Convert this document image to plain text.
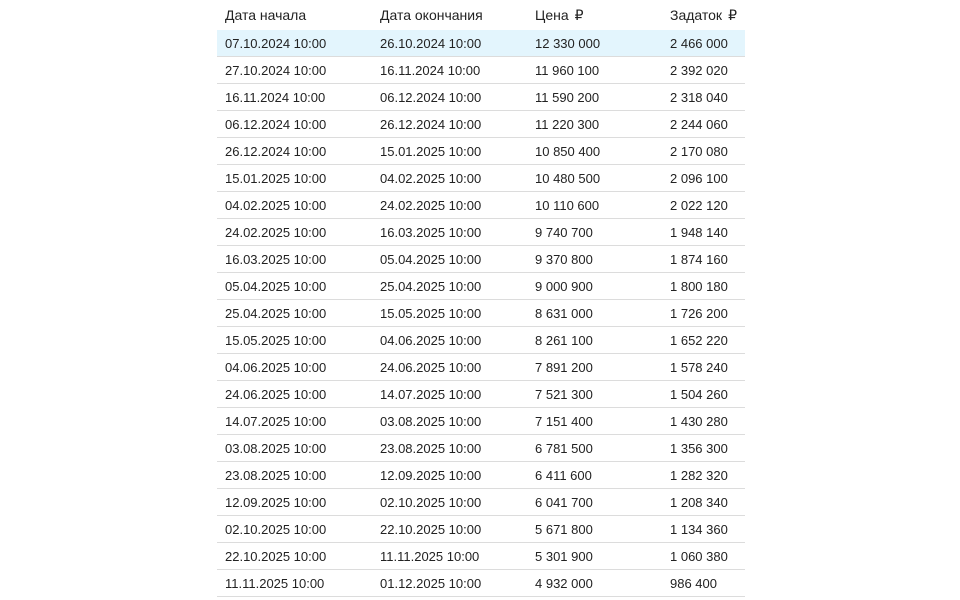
Дата начала	Дата окончания	Цена ₽	Задаток ₽
07.10.2024 10:00	26.10.2024 10:00	12 330 000	2 466 000
27.10.2024 10:00	16.11.2024 10:00	11 960 100	2 392 020
16.11.2024 10:00	06.12.2024 10:00	11 590 200	2 318 040
06.12.2024 10:00	26.12.2024 10:00	11 220 300	2 244 060
26.12.2024 10:00	15.01.2025 10:00	10 850 400	2 170 080
15.01.2025 10:00	04.02.2025 10:00	10 480 500	2 096 100
04.02.2025 10:00	24.02.2025 10:00	10 110 600	2 022 120
24.02.2025 10:00	16.03.2025 10:00	9 740 700	1 948 140
16.03.2025 10:00	05.04.2025 10:00	9 370 800	1 874 160
05.04.2025 10:00	25.04.2025 10:00	9 000 900	1 800 180
25.04.2025 10:00	15.05.2025 10:00	8 631 000	1 726 200
15.05.2025 10:00	04.06.2025 10:00	8 261 100	1 652 220
04.06.2025 10:00	24.06.2025 10:00	7 891 200	1 578 240
24.06.2025 10:00	14.07.2025 10:00	7 521 300	1 504 260
14.07.2025 10:00	03.08.2025 10:00	7 151 400	1 430 280
03.08.2025 10:00	23.08.2025 10:00	6 781 500	1 356 300
23.08.2025 10:00	12.09.2025 10:00	6 411 600	1 282 320
12.09.2025 10:00	02.10.2025 10:00	6 041 700	1 208 340
02.10.2025 10:00	22.10.2025 10:00	5 671 800	1 134 360
22.10.2025 10:00	11.11.2025 10:00	5 301 900	1 060 380
11.11.2025 10:00	01.12.2025 10:00	4 932 000	986 400
